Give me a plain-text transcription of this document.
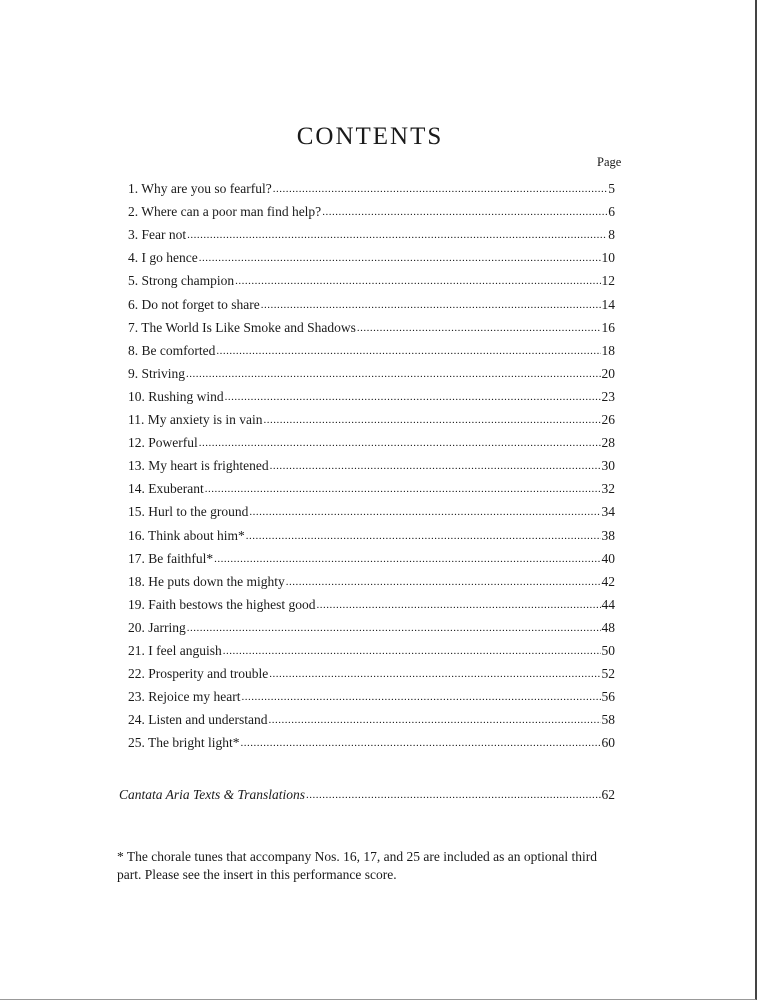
CONTENTS
Page
1. Why are you so fearful? .....	5
2. Where can a poor man find help? .....	6
3. Fear not .....	8
4. I go hence .....	10
5. Strong champion .....	12
6. Do not forget to share .....	14
7. The World Is Like Smoke and Shadows .....	16
8. Be comforted .....	18
9. Striving .....	20
10. Rushing wind .....	23
11. My anxiety is in vain .....	26
12. Powerful .....	28
13. My heart is frightened .....	30
14. Exuberant .....	32
15. Hurl to the ground .....	34
16. Think about him* .....	38
17. Be faithful* .....	40
18. He puts down the mighty .....	42
19. Faith bestows the highest good .....	44
20. Jarring .....	48
21. I feel anguish .....	50
22. Prosperity and trouble .....	52
23. Rejoice my heart .....	56
24. Listen and understand .....	58
25. The bright light* .....	60
Cantata Aria Texts & Translations .....	62
* The chorale tunes that accompany Nos. 16, 17, and 25 are included as an optional third part. Please see the insert in this performance score.
